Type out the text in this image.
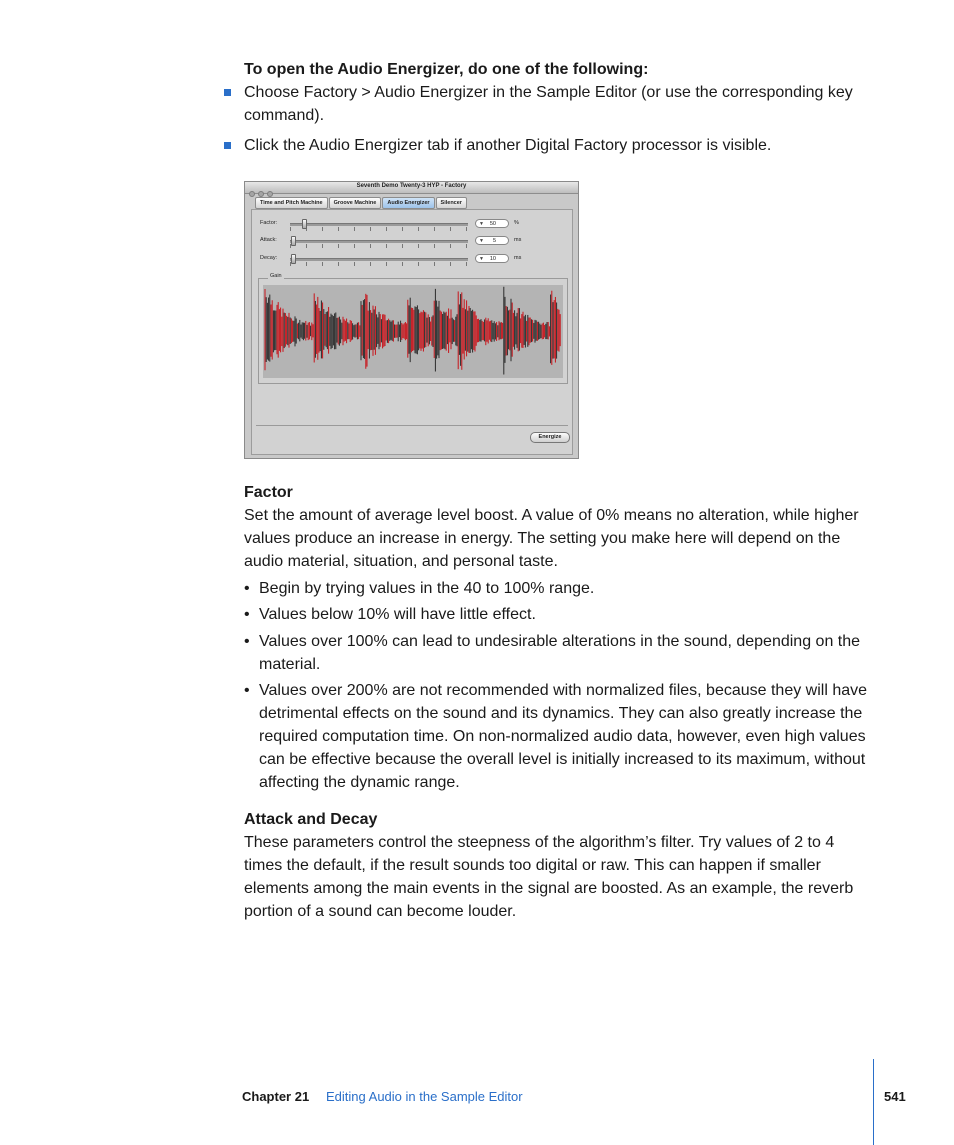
To open the Audio Energizer, do one of the following:
Choose Factory > Audio Energizer in the Sample Editor (or use the corresponding key command).
Click the Audio Energizer tab if another Digital Factory processor is visible.
Seventh Demo Twenty-3 HYP - Factory
Time and Pitch Machine Groove Machine Audio Energizer Silencer
Factor:	▼ 50	%
Attack:	▼ 5	ms
Decay:	▼ 10	ms
Gain
Energize
Factor
Set the amount of average level boost. A value of 0% means no alteration, while higher values produce an increase in energy. The setting you make here will depend on the audio material, situation, and personal taste.
• Begin by trying values in the 40 to 100% range.
• Values below 10% will have little effect.
• Values over 100% can lead to undesirable alterations in the sound, depending on the material.
• Values over 200% are not recommended with normalized files, because they will have detrimental effects on the sound and its dynamics. They can also greatly increase the required computation time. On non-normalized audio data, however, even high values can be effective because the overall level is initially increased to its maximum, without affecting the dynamic range.
Attack and Decay
These parameters control the steepness of the algorithm’s filter. Try values of 2 to 4 times the default, if the result sounds too digital or raw. This can happen if smaller elements among the main events in the signal are boosted. As an example, the reverb portion of a sound can become louder.
Chapter 21 Editing Audio in the Sample Editor	541
